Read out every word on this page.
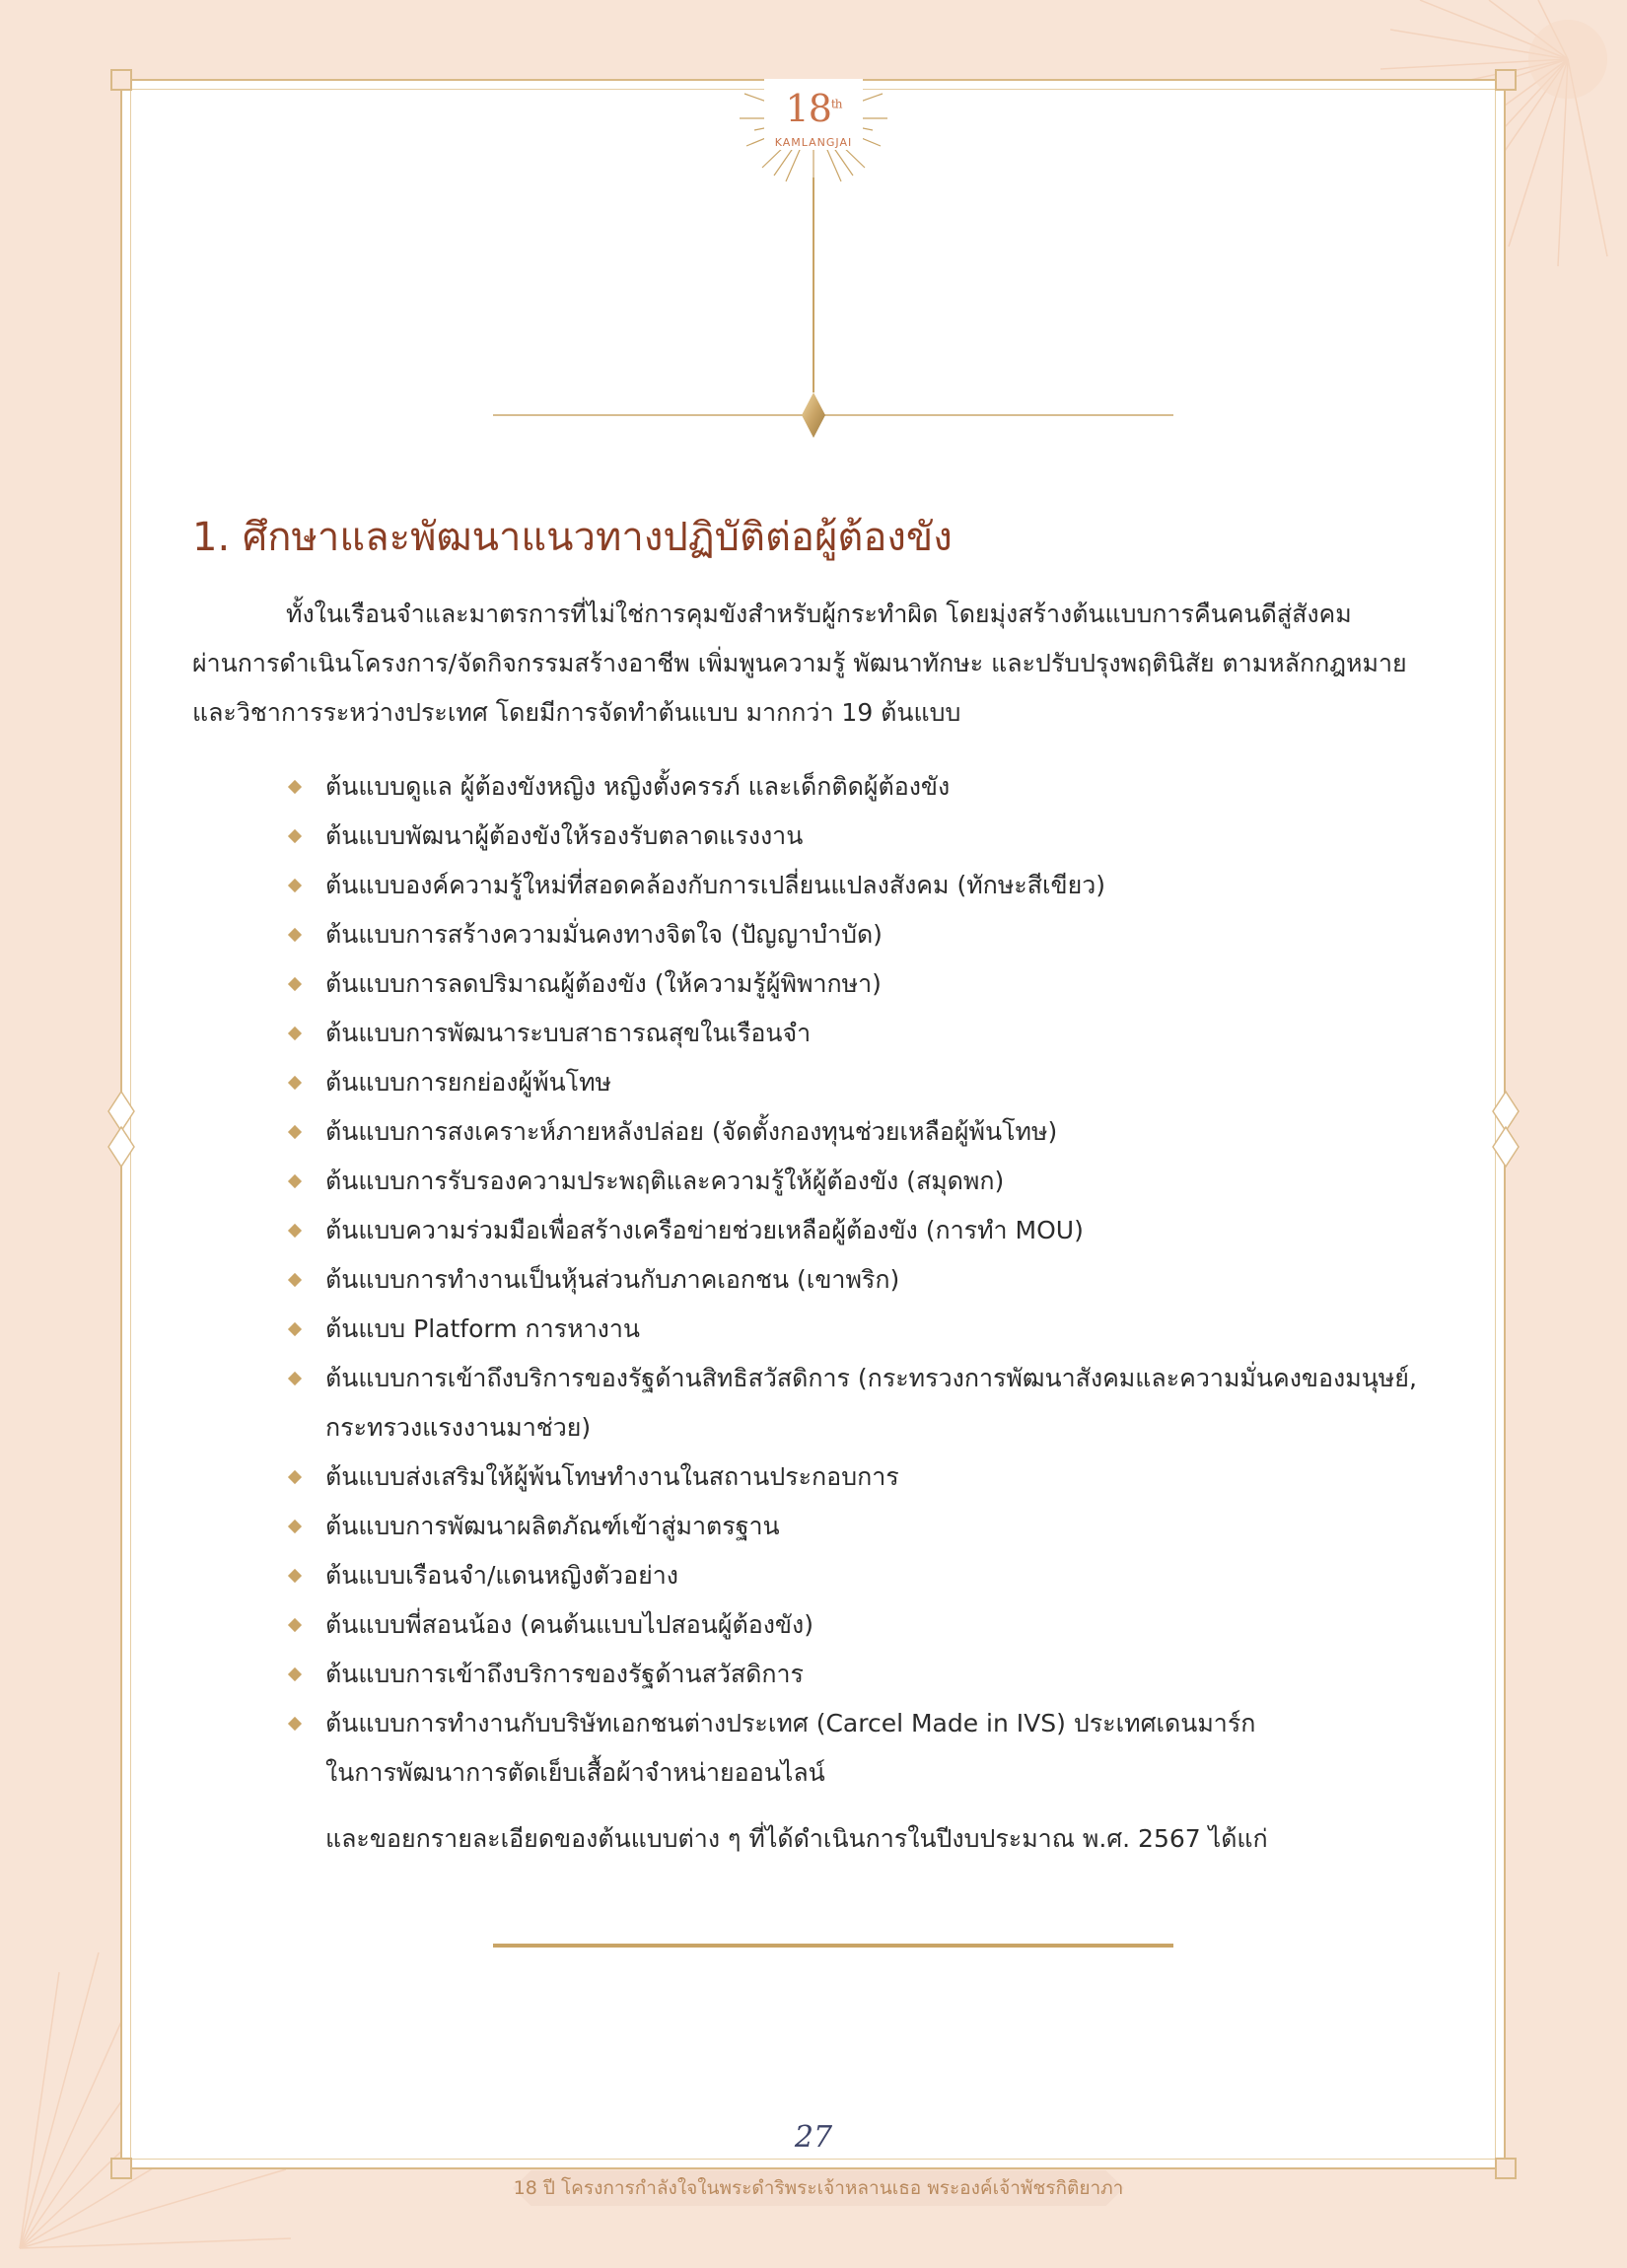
18th
KAMLANGJAI
1. ศึกษาและพัฒนาแนวทางปฏิบัติต่อผู้ต้องขัง

ทั้งในเรือนจำและมาตรการที่ไม่ใช่การคุมขังสำหรับผู้กระทำผิด โดยมุ่งสร้างต้นแบบการคืนคนดีสู่สังคม
ผ่านการดำเนินโครงการ/จัดกิจกรรมสร้างอาชีพ เพิ่มพูนความรู้ พัฒนาทักษะ และปรับปรุงพฤตินิสัย ตามหลักกฎหมาย
และวิชาการระหว่างประเทศ โดยมีการจัดทำต้นแบบ มากกว่า 19 ต้นแบบ

ต้นแบบดูแล ผู้ต้องขังหญิง หญิงตั้งครรภ์ และเด็กติดผู้ต้องขัง
ต้นแบบพัฒนาผู้ต้องขังให้รองรับตลาดแรงงาน
ต้นแบบองค์ความรู้ใหม่ที่สอดคล้องกับการเปลี่ยนแปลงสังคม (ทักษะสีเขียว)
ต้นแบบการสร้างความมั่นคงทางจิตใจ (ปัญญาบำบัด)
ต้นแบบการลดปริมาณผู้ต้องขัง (ให้ความรู้ผู้พิพากษา)
ต้นแบบการพัฒนาระบบสาธารณสุขในเรือนจำ
ต้นแบบการยกย่องผู้พ้นโทษ
ต้นแบบการสงเคราะห์ภายหลังปล่อย (จัดตั้งกองทุนช่วยเหลือผู้พ้นโทษ)
ต้นแบบการรับรองความประพฤติและความรู้ให้ผู้ต้องขัง (สมุดพก)
ต้นแบบความร่วมมือเพื่อสร้างเครือข่ายช่วยเหลือผู้ต้องขัง (การทำ MOU)
ต้นแบบการทำงานเป็นหุ้นส่วนกับภาคเอกชน (เขาพริก)
ต้นแบบ Platform การหางาน
ต้นแบบการเข้าถึงบริการของรัฐด้านสิทธิสวัสดิการ (กระทรวงการพัฒนาสังคมและความมั่นคงของมนุษย์,
กระทรวงแรงงานมาช่วย)
ต้นแบบส่งเสริมให้ผู้พ้นโทษทำงานในสถานประกอบการ
ต้นแบบการพัฒนาผลิตภัณฑ์เข้าสู่มาตรฐาน
ต้นแบบเรือนจำ/แดนหญิงตัวอย่าง
ต้นแบบพี่สอนน้อง (คนต้นแบบไปสอนผู้ต้องขัง)
ต้นแบบการเข้าถึงบริการของรัฐด้านสวัสดิการ
ต้นแบบการทำงานกับบริษัทเอกชนต่างประเทศ (Carcel Made in IVS) ประเทศเดนมาร์ก
ในการพัฒนาการตัดเย็บเสื้อผ้าจำหน่ายออนไลน์

และขอยกรายละเอียดของต้นแบบต่าง ๆ ที่ได้ดำเนินการในปีงบประมาณ พ.ศ. 2567 ได้แก่

27
18 ปี โครงการกำลังใจในพระดำริพระเจ้าหลานเธอ พระองค์เจ้าพัชรกิติยาภา
